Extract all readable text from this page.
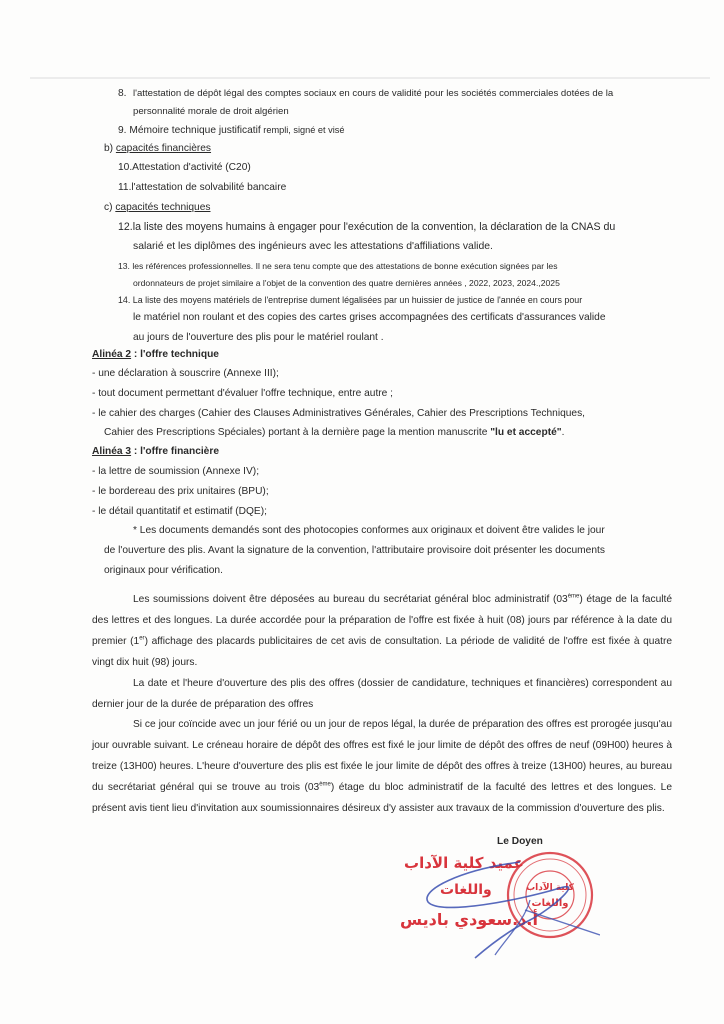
8. l'attestation de dépôt légal des comptes sociaux en cours de validité pour les sociétés commerciales dotées de la
personnalité morale de droit algérien
9. Mémoire technique justificatif rempli, signé et visé
b) capacités financières
10.Attestation d'activité (C20)
11.l'attestation de solvabilité bancaire
c) capacités techniques
12.la liste des moyens humains à engager pour l'exécution de la convention, la déclaration de la CNAS du
salarié et les diplômes des ingénieurs avec les attestations d'affiliations valide.
13. les références professionnelles. Il ne sera tenu compte que des attestations de bonne exécution signées par les
ordonnateurs de projet similaire a l'objet de la convention des quatre dernières années , 2022, 2023, 2024.,2025
14. La liste des moyens matériels de l'entreprise dument légalisées par un huissier de justice de l'année en cours pour
le matériel non roulant et des copies des cartes grises accompagnées des certificats d'assurances valide
au jours de l'ouverture des plis pour le matériel roulant .
Alinéa 2 : l'offre technique
- une déclaration à souscrire (Annexe III);
- tout document permettant d'évaluer l'offre technique, entre autre ;
- le cahier des charges (Cahier des Clauses Administratives Générales, Cahier des Prescriptions Techniques,
Cahier des Prescriptions Spéciales) portant à la dernière page la mention manuscrite "lu et accepté".
Alinéa 3 : l'offre financière
- la lettre de soumission (Annexe IV);
- le bordereau des prix unitaires (BPU);
- le détail quantitatif et estimatif (DQE);
* Les documents demandés sont des photocopies conformes aux originaux et doivent être valides le jour
de l'ouverture des plis. Avant la signature de la convention, l'attributaire provisoire doit présenter les documents
originaux pour vérification.
Les soumissions doivent être déposées au bureau du secrétariat général bloc administratif (03ème) étage de la faculté des lettres et des longues. La durée accordée pour la préparation de l'offre est fixée à huit (08) jours par référence à la date du premier (1er) affichage des placards publicitaires de cet avis de consultation. La période de validité de l'offre est fixée à quatre vingt dix huit (98) jours.
La date et l'heure d'ouverture des plis des offres (dossier de candidature, techniques et financières) correspondent au dernier jour de la durée de préparation des offres
Si ce jour coïncide avec un jour férié ou un jour de repos légal, la durée de préparation des offres est prorogée jusqu'au jour ouvrable suivant. Le créneau horaire de dépôt des offres est fixé le jour limite de dépôt des offres de neuf (09H00) heures à treize (13H00) heures. L'heure d'ouverture des plis est fixée le jour limite de dépôt des offres à treize (13H00) heures, au bureau du secrétariat général qui se trouve au trois (03ème) étage du bloc administratif de la faculté des lettres et des longues. Le présent avis tient lieu d'invitation aux soumissionnaires désireux d'y assister aux travaux de la commission d'ouverture des plis.
Le Doyen
كلية الآداب
واللغات
عميد كلية الآداب
واللغات
أ.د.سعودي باديس
